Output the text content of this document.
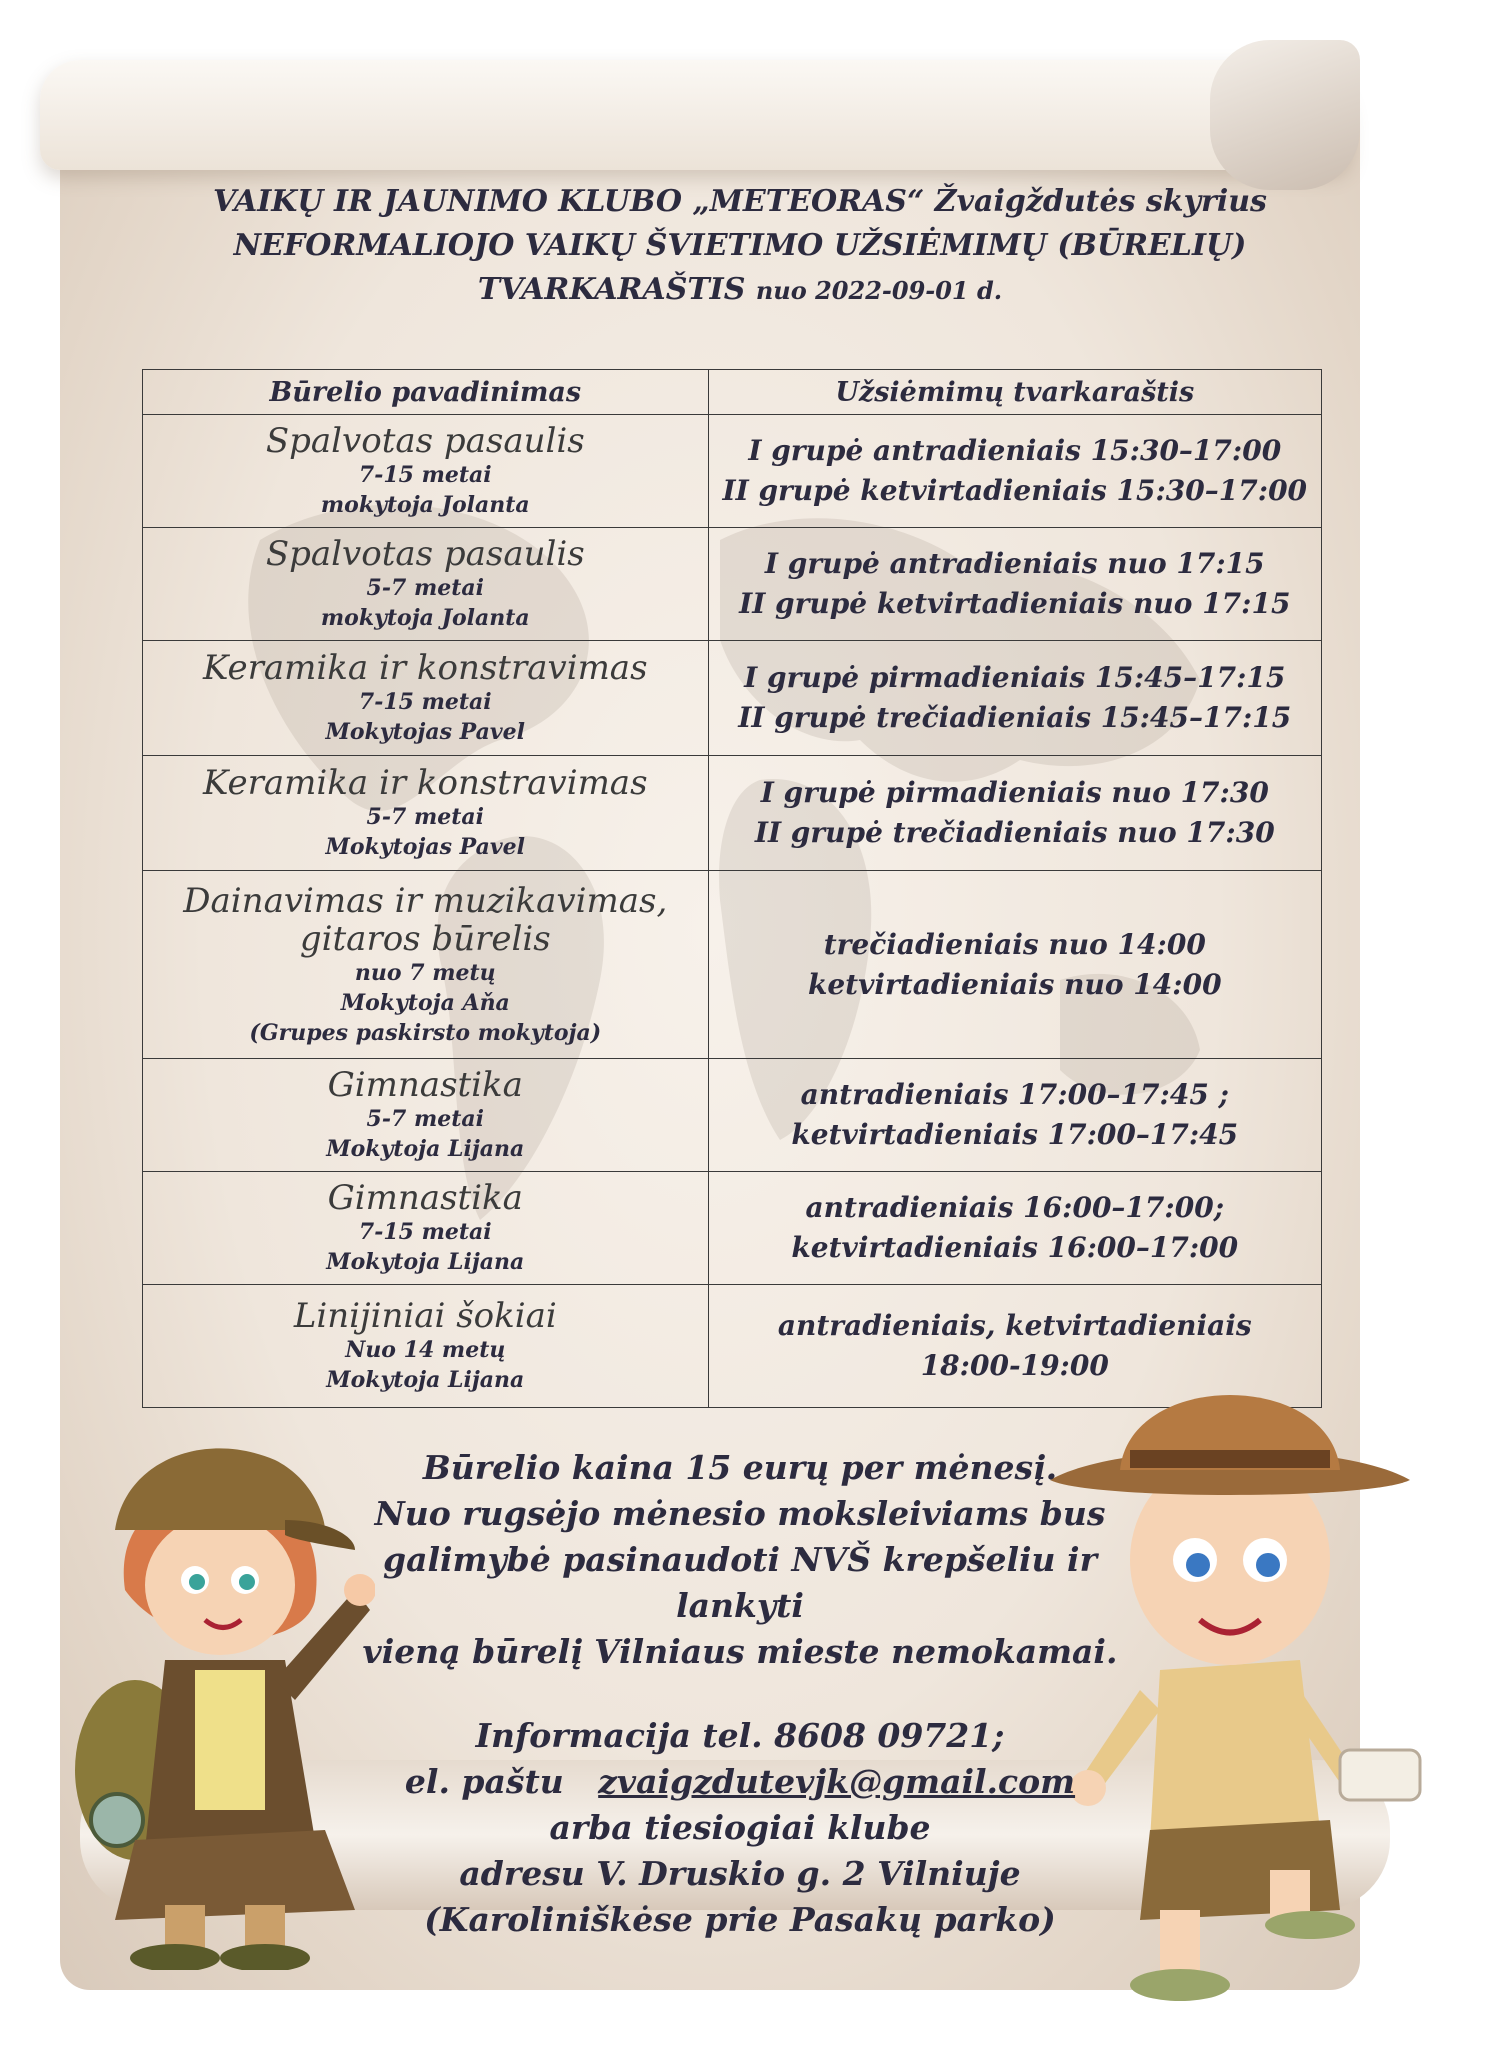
VAIKŲ IR JAUNIMO KLUBO „METEORAS“ Žvaigždutės skyrius
NEFORMALIOJO VAIKŲ ŠVIETIMO UŽSIĖMIMŲ (BŪRELIŲ)
TVARKARAŠTIS nuo 2022-09-01 d.
Būrelio pavadinimas	Užsiėmimų tvarkaraštis

Spalvotas pasaulis
7-15 metai
mokytoja Jolanta	I grupė antradieniais 15:30–17:00
II grupė ketvirtadieniais 15:30–17:00

Spalvotas pasaulis
5-7 metai
mokytoja Jolanta	I grupė antradieniais nuo 17:15
II grupė ketvirtadieniais nuo 17:15

Keramika ir konstravimas
7-15 metai
Mokytojas Pavel	I grupė pirmadieniais 15:45–17:15
II grupė trečiadieniais 15:45–17:15

Keramika ir konstravimas
5-7 metai
Mokytojas Pavel	I grupė pirmadieniais nuo 17:30
II grupė trečiadieniais nuo 17:30

Dainavimas ir muzikavimas,
gitaros būrelis
nuo 7 metų
Mokytoja Aňa
(Grupes paskirsto mokytoja)	trečiadieniais nuo 14:00
ketvirtadieniais nuo 14:00

Gimnastika
5-7 metai
Mokytoja Lijana	antradieniais 17:00–17:45 ;
ketvirtadieniais 17:00–17:45

Gimnastika
7-15 metai
Mokytoja Lijana	antradieniais 16:00–17:00;
ketvirtadieniais 16:00–17:00

Linijiniai šokiai
Nuo 14 metų
Mokytoja Lijana	antradieniais, ketvirtadieniais
18:00-19:00
Būrelio kaina 15 eurų per mėnesį.
Nuo rugsėjo mėnesio moksleiviams bus
galimybė pasinaudoti NVŠ krepšeliu ir lankyti
vieną būrelį Vilniaus mieste nemokamai.
Informacija tel. 8608 09721;
el. paštu zvaigzdutevjk@gmail.com
arba tiesiogiai klube
adresu V. Druskio g. 2 Vilniuje
(Karoliniškėse prie Pasakų parko)
